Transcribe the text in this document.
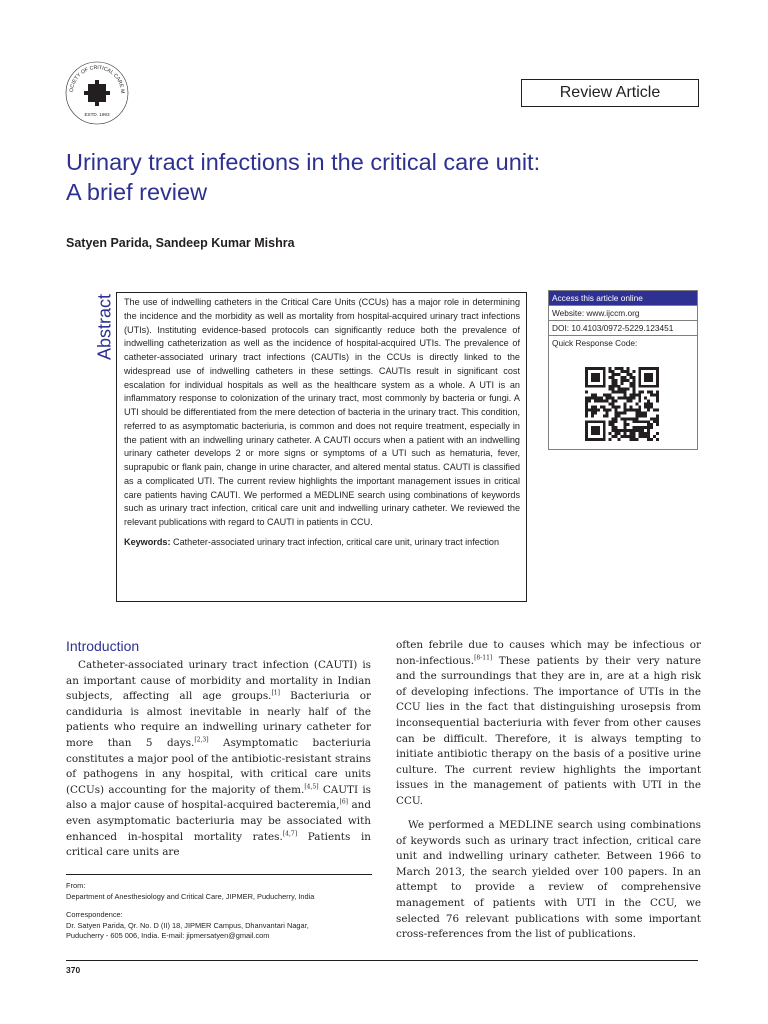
OCIETY OF CRITICAL CARE M
ESTD. 1993
Review Article
Urinary tract infections in the critical care unit:
A brief review
Satyen Parida, Sandeep Kumar Mishra
Abstract The use of indwelling catheters in the Critical Care Units (CCUs) has a major role in determining the incidence and the morbidity as well as mortality from hospital-acquired urinary tract infections (UTIs). Instituting evidence-based protocols can significantly reduce both the prevalence of indwelling catheterization as well as the incidence of hospital-acquired UTIs. The prevalence of catheter-associated urinary tract infections (CAUTIs) in the CCUs is directly linked to the widespread use of indwelling catheters in these settings. CAUTIs result in significant cost escalation for individual hospitals as well as the healthcare system as a whole. A UTI is an inflammatory response to colonization of the urinary tract, most commonly by bacteria or fungi. A UTI should be differentiated from the mere detection of bacteria in the urinary tract. This condition, referred to as asymptomatic bacteriuria, is common and does not require treatment, especially in the patient with an indwelling urinary catheter. A CAUTI occurs when a patient with an indwelling urinary catheter develops 2 or more signs or symptoms of a UTI such as hematuria, fever, suprapubic or flank pain, change in urine character, and altered mental status. CAUTI is classified as a complicated UTI. The current review highlights the important management issues in critical care patients having CAUTI. We performed a MEDLINE search using combinations of keywords such as urinary tract infection, critical care unit and indwelling urinary catheter. We reviewed the relevant publications with regard to CAUTI in patients in CCU.

Keywords: Catheter-associated urinary tract infection, critical care unit, urinary tract infection

Access this article online
Website: www.ijccm.org
DOI: 10.4103/0972-5229.123451
Quick Response Code:
Introduction

Catheter-associated urinary tract infection (CAUTI) is an important cause of morbidity and mortality in Indian subjects, affecting all age groups.[1] Bacteriuria or candiduria is almost inevitable in nearly half of the patients who require an indwelling urinary catheter for more than 5 days.[2,3] Asymptomatic bacteriuria constitutes a major pool of the antibiotic-resistant strains of pathogens in any hospital, with critical care units (CCUs) accounting for the majority of them.[4,5] CAUTI is also a major cause of hospital-acquired bacteremia,[6] and even asymptomatic bacteriuria may be associated with enhanced in-hospital mortality rates.[4,7] Patients in critical care units are

often febrile due to causes which may be infectious or non-infectious.[8-11] These patients by their very nature and the surroundings that they are in, are at a high risk of developing infections. The importance of UTIs in the CCU lies in the fact that distinguishing urosepsis from inconsequential bacteriuria with fever from other causes can be difficult. Therefore, it is always tempting to initiate antibiotic therapy on the basis of a positive urine culture. The current review highlights the important issues in the management of patients with UTI in the CCU.

We performed a MEDLINE search using combinations of keywords such as urinary tract infection, critical care unit and indwelling urinary catheter. Between 1966 to March 2013, the search yielded over 100 papers. In an attempt to provide a review of comprehensive management of patients with UTI in the CCU, we selected 76 relevant publications with some important cross-references from the list of publications.

From:

Department of Anesthesiology and Critical Care, JIPMER, Puducherry, India

Correspondence:

Dr. Satyen Parida, Qr. No. D (II) 18, JIPMER Campus, Dhanvantari Nagar,

Puducherry - 605 006, India. E-mail: jipmersatyen@gmail.com

370
